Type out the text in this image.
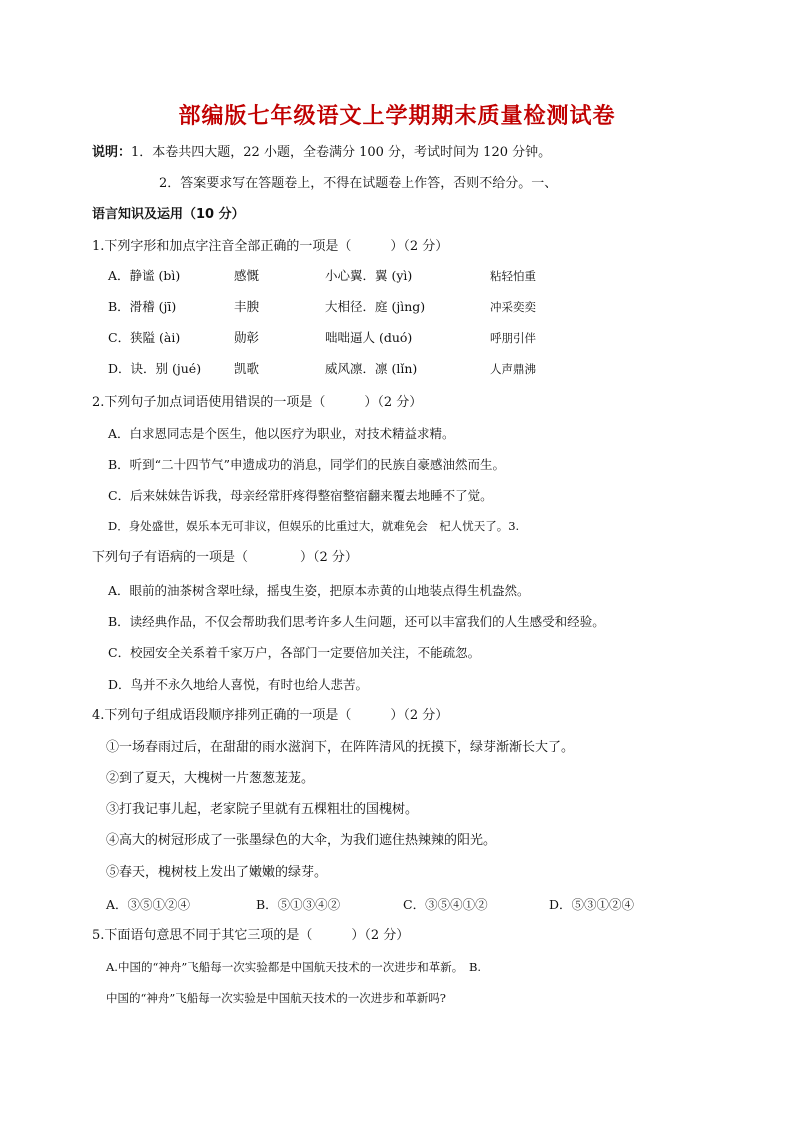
部编版七年级语文上学期期末质量检测试卷
说明：1．本卷共四大题，22 小题，全卷满分 100 分，考试时间为 120 分钟。
2．答案要求写在答题卷上，不得在试题卷上作答，否则不给分。一、
语言知识及运用（10 分）
1.下列字形和加点字注音全部正确的一项是（　　　）（2 分）
A．静谧 (bì)	感慨	小心翼．翼 (yì)	粘轻怕重
B．滑稽 (jī)	丰腴	大相径．庭 (jìng)	冲采奕奕
C．狭隘 (ài)	勋彰	咄咄逼人 (duó)	呼朋引伴
D．诀．别 (jué)	凯歌	威风凛．凛 (lǐn)	人声鼎沸
2.下列句子加点词语使用错误的一项是（　　　）（2 分）
A．白求恩同志是个医生，他以医疗为职业，对技术精益求精。
B．听到“二十四节气”申遗成功的消息，同学们的民族自豪感油然而生。
C．后来妹妹告诉我，母亲经常肝疼得整宿整宿翻来覆去地睡不了觉。
D．身处盛世，娱乐本无可非议，但娱乐的比重过大，就难免会　杞人忧天了。3.
下列句子有语病的一项是（　　　　）（2 分）
A．眼前的油茶树含翠吐绿，摇曳生姿，把原本赤黄的山地装点得生机盎然。
B．读经典作品，不仅会帮助我们思考许多人生问题，还可以丰富我们的人生感受和经验。
C．校园安全关系着千家万户，各部门一定要倍加关注，不能疏忽。
D．鸟并不永久地给人喜悦，有时也给人悲苦。
4.下列句子组成语段顺序排列正确的一项是（　　　）（2 分）
①一场春雨过后，在甜甜的雨水滋润下，在阵阵清风的抚摸下，绿芽渐渐长大了。
②到了夏天，大槐树一片葱葱茏茏。
③打我记事儿起，老家院子里就有五棵粗壮的国槐树。
④高大的树冠形成了一张墨绿色的大伞，为我们遮住热辣辣的阳光。
⑤春天，槐树枝上发出了嫩嫩的绿芽。
A．③⑤①②④	B．⑤①③④②	C．③⑤④①②	D．⑤③①②④
5.下面语句意思不同于其它三项的是（　　　）（2 分）
A.中国的“神舟”飞船每一次实验都是中国航天技术的一次进步和革新。　B.
中国的“神舟”飞船每一次实验是中国航天技术的一次进步和革新吗?
